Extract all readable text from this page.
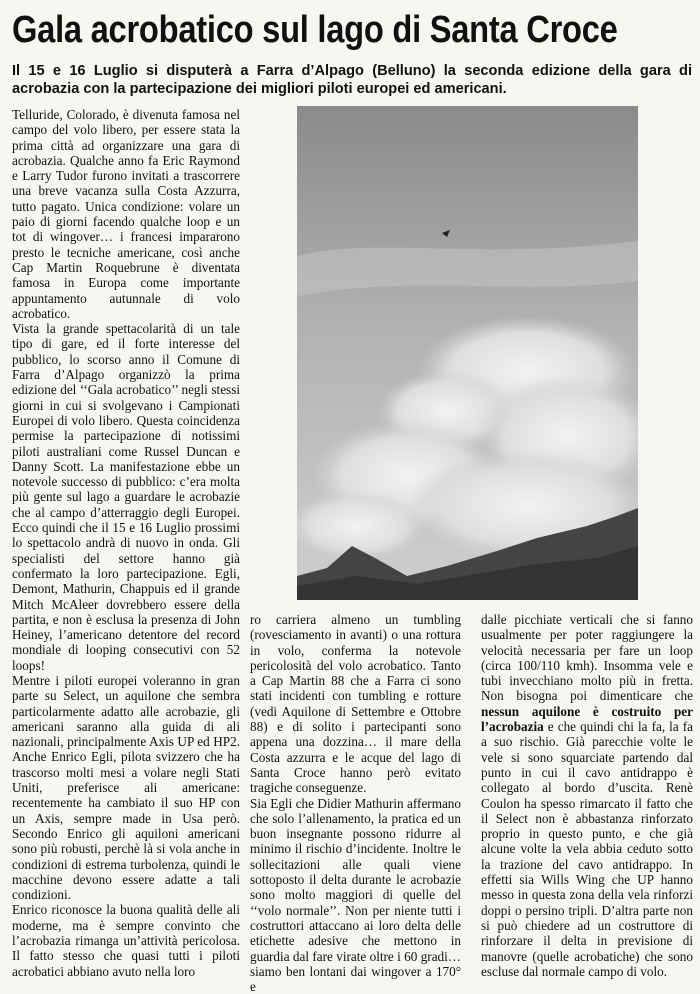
Gala acrobatico sul lago di Santa Croce
Il 15 e 16 Luglio si disputerà a Farra d’Alpago (Belluno) la seconda edizione della gara di acrobazia con la partecipazione dei migliori piloti europei ed americani.

Telluride, Colorado, è divenuta famosa nel campo del volo libero, per essere stata la prima città ad organizzare una gara di acrobazia. Qualche anno fa Eric Raymond e Larry Tudor furono invitati a trascorrere una breve vacanza sulla Costa Azzurra, tutto pagato. Unica condizione: volare un paio di giorni facendo qualche loop e un tot di wingover… i francesi impararono presto le tecniche americane, così anche Cap Martin Roquebrune è diventata famosa in Europa come importante appuntamento autunnale di volo acrobatico.

Vista la grande spettacolarità di un tale tipo di gare, ed il forte interesse del pubblico, lo scorso anno il Comune di Farra d’Alpago organizzò la prima edizione del ‘‘Gala acrobatico’’ negli stessi giorni in cui si svolgevano i Campionati Europei di volo libero. Questa coincidenza permise la partecipazione di notissimi piloti australiani come Russel Duncan e Danny Scott. La manifestazione ebbe un notevole successo di pubblico: c’era molta più gente sul lago a guardare le acrobazie che al campo d’atterraggio degli Europei. Ecco quindi che il 15 e 16 Luglio prossimi lo spettacolo andrà di nuovo in onda. Gli specialisti del settore hanno già confermato la loro partecipazione. Egli, Demont, Mathurin, Chappuis ed il grande Mitch McAleer dovrebbero essere della partita, e non è esclusa la presenza di John Heiney, l’americano detentore del record mondiale di looping consecutivi con 52 loops!

Mentre i piloti europei voleranno in gran parte su Select, un aquilone che sembra particolarmente adatto alle acrobazie, gli americani saranno alla guida di ali nazionali, principalmente Axis UP ed HP2. Anche Enrico Egli, pilota svizzero che ha trascorso molti mesi a volare negli Stati Uniti, preferisce ali americane: recentemente ha cambiato il suo HP con un Axis, sempre made in Usa però. Secondo Enrico gli aquiloni americani sono più robusti, perchè là si vola anche in condizioni di estrema turbolenza, quindi le macchine devono essere adatte a tali condizioni.

Enrico riconosce la buona qualità delle ali moderne, ma è sempre convinto che l’acrobazia rimanga un’attività pericolosa. Il fatto stesso che quasi tutti i piloti acrobatici abbiano avuto nella loro

ro carriera almeno un tumbling (rovesciamento in avanti) o una rottura in volo, conferma la notevole pericolosità del volo acrobatico. Tanto a Cap Martin 88 che a Farra ci sono stati incidenti con tumbling e rotture (vedi Aquilone di Settembre e Ottobre 88) e di solito i partecipanti sono appena una dozzina… il mare della Costa azzurra e le acque del lago di Santa Croce hanno però evitato tragiche conseguenze.

Sia Egli che Didier Mathurin affermano che solo l’allenamento, la pratica ed un buon insegnante possono ridurre al minimo il rischio d’incidente. Inoltre le sollecitazioni alle quali viene sottoposto il delta durante le acrobazie sono molto maggiori di quelle del ‘‘volo normale’’. Non per niente tutti i costruttori attaccano ai loro delta delle etichette adesive che mettono in guardia dal fare virate oltre i 60 gradi… siamo ben lontani dai wingover a 170° e

dalle picchiate verticali che si fanno usualmente per poter raggiungere la velocità necessaria per fare un loop (circa 100/110 kmh). Insomma vele e tubi invecchiano molto più in fretta. Non bisogna poi dimenticare che nessun aquilone è costruito per l’acrobazia e che quindi chi la fa, la fa a suo rischio. Già parecchie volte le vele si sono squarciate partendo dal punto in cui il cavo antidrappo è collegato al bordo d’uscita. Renè Coulon ha spesso rimarcato il fatto che il Select non è abbastanza rinforzato proprio in questo punto, e che già alcune volte la vela abbia ceduto sotto la trazione del cavo antidrappo. In effetti sia Wills Wing che UP hanno messo in questa zona della vela rinforzi doppi o persino tripli. D’altra parte non si può chiedere ad un costruttore di rinforzare il delta in previsione di manovre (quelle acrobatiche) che sono escluse dal normale campo di volo.
